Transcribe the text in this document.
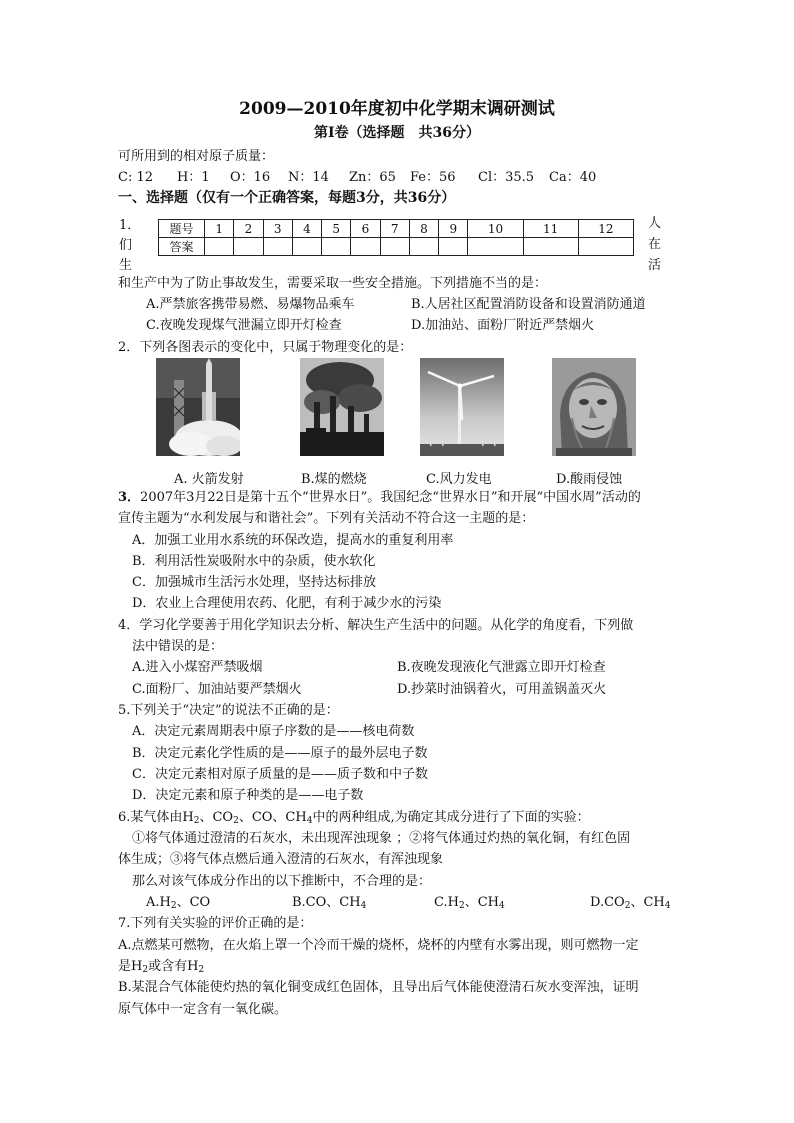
2009—2010年度初中化学期末调研测试
第Ⅰ卷（选择题　共36分）
可所用到的相对原子质量：
C: 12 H：1 O：16 N：14 Zn：65 Fe：56 Cl：35.5 Ca：40
一、选择题（仅有一个正确答案，每题3分，共36分）
1．
们
生
人
在
活
题号	1	2	3	4	5	6	7	8	9	10	11	12
答案												
和生产中为了防止事故发生，需要采取一些安全措施。下列措施不当的是：
A.严禁旅客携带易燃、易爆物品乘车	B.人居社区配置消防设备和设置消防通道
C.夜晚发现煤气泄漏立即开灯检查	D.加油站、面粉厂附近严禁烟火
2．下列各图表示的变化中，只属于物理变化的是：
A. 火箭发射	B.煤的燃烧	C.风力发电	D.酸雨侵蚀
3．2007年3月22日是第十五个“世界水日”。我国纪念“世界水日”和开展“中国水周”活动的
宣传主题为“水利发展与和谐社会”。下列有关活动不符合这一主题的是：
A．加强工业用水系统的环保改造，提高水的重复利用率
B．利用活性炭吸附水中的杂质，使水软化
C．加强城市生活污水处理，坚持达标排放
D．农业上合理使用农药、化肥，有利于减少水的污染
4．学习化学要善于用化学知识去分析、解决生产生活中的问题。从化学的角度看，下列做
法中错误的是：
A.进入小煤窑严禁吸烟	B.夜晚发现液化气泄露立即开灯检查
C.面粉厂、加油站要严禁烟火	D.抄菜时油锅着火，可用盖锅盖灭火
5.下列关于“决定”的说法不正确的是：
A．决定元素周期表中原子序数的是——核电荷数
B．决定元素化学性质的是——原子的最外层电子数
C．决定元素相对原子质量的是——质子数和中子数
D．决定元素和原子种类的是——电子数
6.某气体由$H_2$、$CO_2$、CO、$CH_4$中的两种组成,为确定其成分进行了下面的实验：
①将气体通过澄清的石灰水，未出现浑浊现象 ；②将气体通过灼热的氧化铜，有红色固
体生成；③将气体点燃后通入澄清的石灰水，有浑浊现象
那么对该气体成分作出的以下推断中，不合理的是：
$A.H_2$、CO	B.CO、$CH_4$	$C.H_2$、$CH_4$	$D.CO_2$、$CH_4$
7.下列有关实验的评价正确的是：
A.点燃某可燃物，在火焰上罩一个冷而干燥的烧杯，烧杯的内壁有水雾出现，则可燃物一定
是$H_2$或含有$H_2$
B.某混合气体能使灼热的氧化铜变成红色固体，且导出后气体能使澄清石灰水变浑浊，证明
原气体中一定含有一氧化碳。
